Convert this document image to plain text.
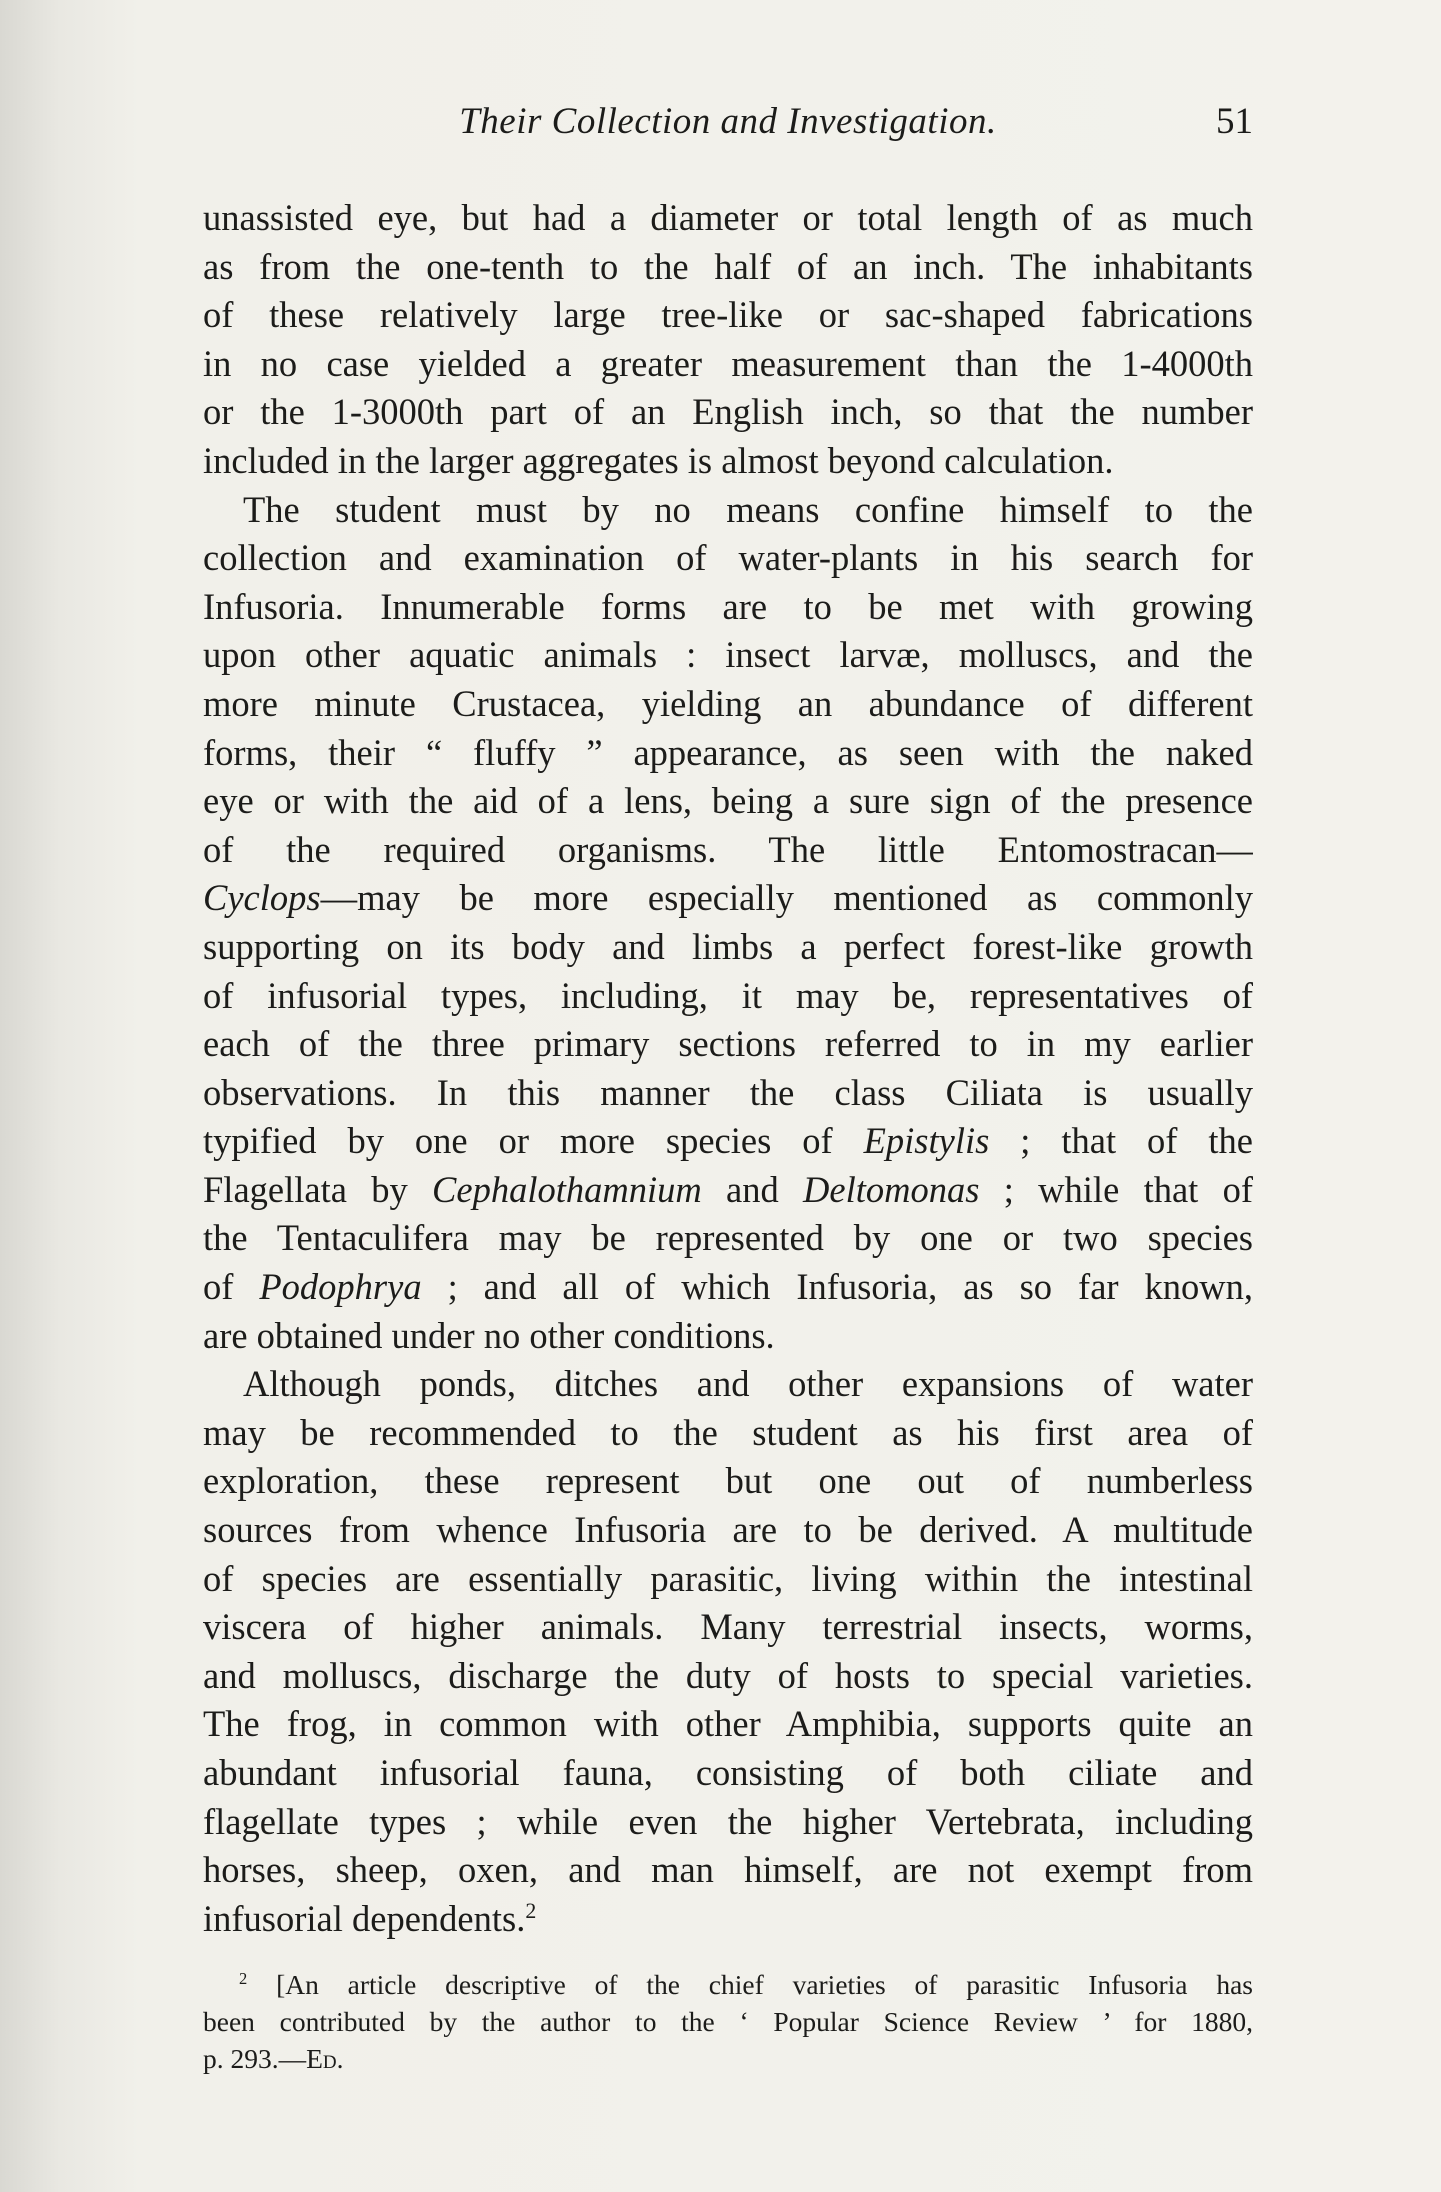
Their Collection and Investigation.	51
unassisted eye, but had a diameter or total length of as much
as from the one-tenth to the half of an inch. The inhabitants
of these relatively large tree-like or sac-shaped fabrications
in no case yielded a greater measurement than the 1-4000th
or the 1-3000th part of an English inch, so that the number
included in the larger aggregates is almost beyond calculation.
The student must by no means confine himself to the
collection and examination of water-plants in his search for
Infusoria. Innumerable forms are to be met with growing
upon other aquatic animals : insect larvæ, molluscs, and the
more minute Crustacea, yielding an abundance of different
forms, their “ fluffy ” appearance, as seen with the naked
eye or with the aid of a lens, being a sure sign of the presence
of the required organisms. The little Entomostracan—
Cyclops—may be more especially mentioned as commonly
supporting on its body and limbs a perfect forest-like growth
of infusorial types, including, it may be, representatives of
each of the three primary sections referred to in my earlier
observations. In this manner the class Ciliata is usually
typified by one or more species of Epistylis ; that of the
Flagellata by Cephalothamnium and Deltomonas ; while that of
the Tentaculifera may be represented by one or two species
of Podophrya ; and all of which Infusoria, as so far known,
are obtained under no other conditions.
Although ponds, ditches and other expansions of water
may be recommended to the student as his first area of
exploration, these represent but one out of numberless
sources from whence Infusoria are to be derived. A multitude
of species are essentially parasitic, living within the intestinal
viscera of higher animals. Many terrestrial insects, worms,
and molluscs, discharge the duty of hosts to special varieties.
The frog, in common with other Amphibia, supports quite an
abundant infusorial fauna, consisting of both ciliate and
flagellate types ; while even the higher Vertebrata, including
horses, sheep, oxen, and man himself, are not exempt from
infusorial dependents.$^2$
$^2$ [An article descriptive of the chief varieties of parasitic Infusoria has
been contributed by the author to the ‘ Popular Science Review ’ for 1880,
p. 293.—Ed.
